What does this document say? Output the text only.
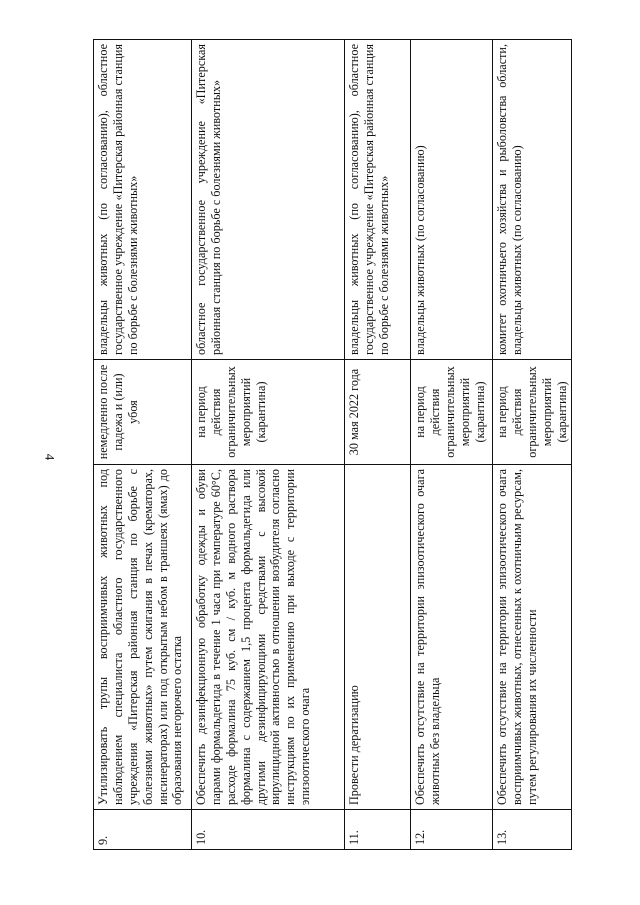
4
9.	Утилизировать трупы восприимчивых животных под наблюдением специалиста областного государственного учреждения «Питерская районная станция по борьбе с болезнями животных» путем сжигания в печах (крематорах, инсинераторах) или под открытым небом в траншеях (ямах) до образования негорючего остатка	немедленно после падежа и (или) убоя	владельцы животных (по согласованию), областное государственное учреждение «Питерская районная станция по борьбе с болезнями животных»
10.	Обеспечить дезинфекционную обработку одежды и обуви парами формальдегида в течение 1 часа при температуре 60°С, расходе формалина 75 куб. см / куб. м водного раствора формалина с содержанием 1,5 процента формальдегида или другими дезинфицирующими средствами с высокой вирулицидной активностью в отношении возбудителя согласно инструкциям по их применению при выходе с территории эпизоотического очага	на период действия ограничительных мероприятий (карантина)	областное государственное учреждение «Питерская районная станция по борьбе с болезнями животных»
11.	Провести дератизацию	30 мая 2022 года	владельцы животных (по согласованию), областное государственное учреждение «Питерская районная станция по борьбе с болезнями животных»
12.	Обеспечить отсутствие на территории эпизоотического очага животных без владельца	на период действия ограничительных мероприятий (карантина)	владельцы животных (по согласованию)
13.	Обеспечить отсутствие на территории эпизоотического очага восприимчивых животных, отнесенных к охотничьим ресурсам, путем регулирования их численности	на период действия ограничительных мероприятий (карантина)	комитет охотничьего хозяйства и рыболовства области, владельцы животных (по согласованию)
